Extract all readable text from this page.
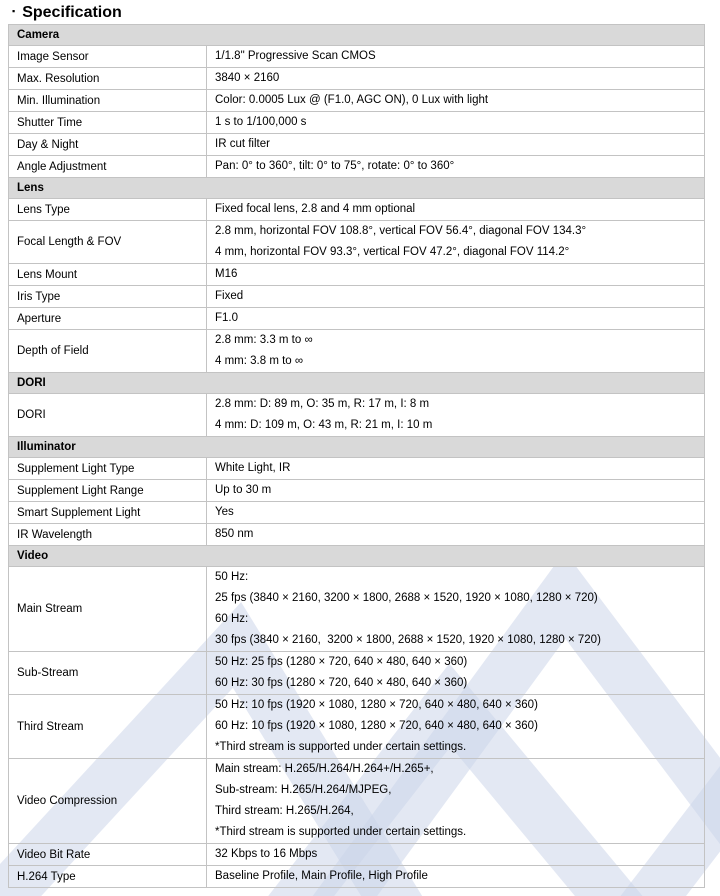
▪ Specification
Camera	
Image Sensor	1/1.8" Progressive Scan CMOS

Max. Resolution	3840 × 2160

Min. Illumination	Color: 0.0005 Lux @ (F1.0, AGC ON), 0 Lux with light

Shutter Time	1 s to 1/100,000 s

Day & Night	IR cut filter

Angle Adjustment	Pan: 0° to 360°, tilt: 0° to 75°, rotate: 0° to 360°

Lens	
Lens Type	Fixed focal lens, 2.8 and 4 mm optional

Focal Length & FOV	2.8 mm, horizontal FOV 108.8°, vertical FOV 56.4°, diagonal FOV 134.3°
4 mm, horizontal FOV 93.3°, vertical FOV 47.2°, diagonal FOV 114.2°

Lens Mount	M16

Iris Type	Fixed

Aperture	F1.0

Depth of Field	2.8 mm: 3.3 m to ∞
4 mm: 3.8 m to ∞

DORI	
DORI	2.8 mm: D: 89 m, O: 35 m, R: 17 m, I: 8 m
4 mm: D: 109 m, O: 43 m, R: 21 m, I: 10 m

Illuminator	
Supplement Light Type	White Light, IR

Supplement Light Range	Up to 30 m

Smart Supplement Light	Yes

IR Wavelength	850 nm

Video	
Main Stream	50 Hz:
25 fps (3840 × 2160, 3200 × 1800, 2688 × 1520, 1920 × 1080, 1280 × 720)
60 Hz:
30 fps (3840 × 2160,  3200 × 1800, 2688 × 1520, 1920 × 1080, 1280 × 720)

Sub-Stream	50 Hz: 25 fps (1280 × 720, 640 × 480, 640 × 360)
60 Hz: 30 fps (1280 × 720, 640 × 480, 640 × 360)

Third Stream	50 Hz: 10 fps (1920 × 1080, 1280 × 720, 640 × 480, 640 × 360)
60 Hz: 10 fps (1920 × 1080, 1280 × 720, 640 × 480, 640 × 360)
*Third stream is supported under certain settings.

Video Compression	Main stream: H.265/H.264/H.264+/H.265+,
Sub-stream: H.265/H.264/MJPEG,
Third stream: H.265/H.264,
*Third stream is supported under certain settings.

Video Bit Rate	32 Kbps to 16 Mbps

H.264 Type	Baseline Profile, Main Profile, High Profile
